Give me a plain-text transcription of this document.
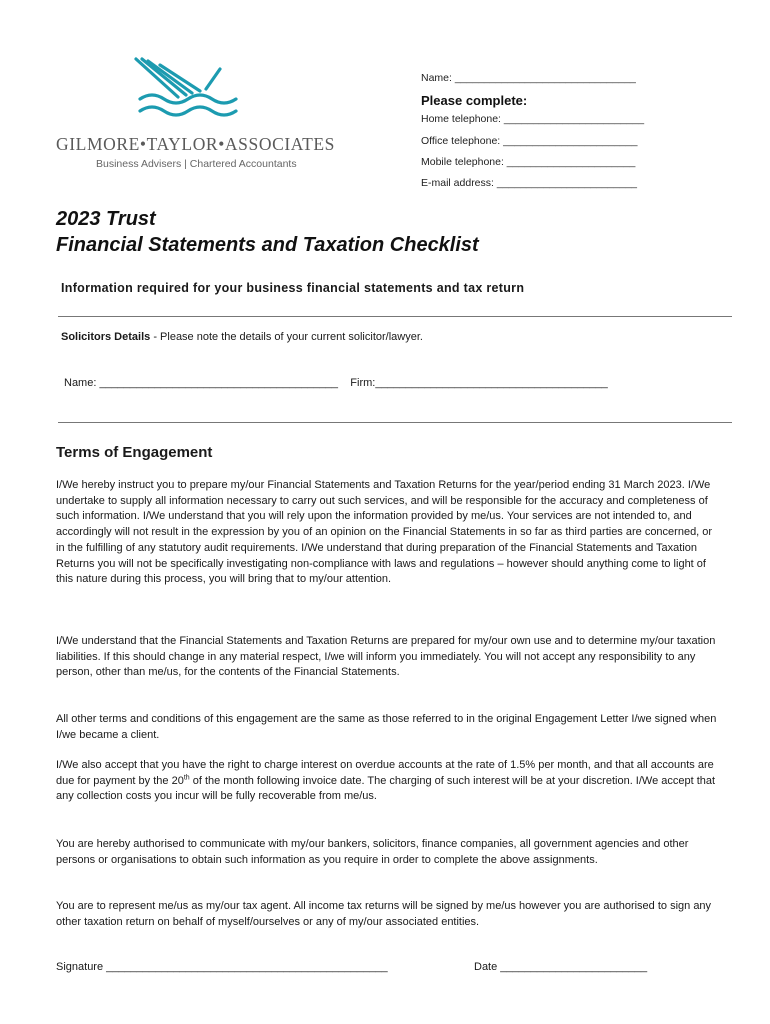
GILMORE•TAYLOR•ASSOCIATES
Business Advisers | Chartered Accountants
Name: _______________________________
Please complete:
Home telephone: ________________________
Office telephone: _______________________
Mobile telephone: ______________________
E-mail address: ________________________
2023 Trust
Financial Statements and Taxation Checklist
Information required for your business financial statements and tax return
Solicitors Details - Please note the details of your current solicitor/lawyer.
Name: _______________________________________ Firm:______________________________________
Terms of Engagement

I/We hereby instruct you to prepare my/our Financial Statements and Taxation Returns for the year/period ending 31 March 2023. I/We undertake to supply all information necessary to carry out such services, and will be responsible for the accuracy and completeness of such information. I/We understand that you will rely upon the information provided by me/us. Your services are not intended to, and accordingly will not result in the expression by you of an opinion on the Financial Statements in so far as third parties are concerned, or in the fulfilling of any statutory audit requirements. I/We understand that during preparation of the Financial Statements and Taxation Returns you will not be specifically investigating non-compliance with laws and regulations – however should anything come to light of this nature during this process, you will bring that to my/our attention.

I/We understand that the Financial Statements and Taxation Returns are prepared for my/our own use and to determine my/our taxation liabilities. If this should change in any material respect, I/we will inform you immediately. You will not accept any responsibility to any person, other than me/us, for the contents of the Financial Statements.

All other terms and conditions of this engagement are the same as those referred to in the original Engagement Letter I/we signed when I/we became a client.

I/We also accept that you have the right to charge interest on overdue accounts at the rate of 1.5% per month, and that all accounts are due for payment by the 20th of the month following invoice date. The charging of such interest will be at your discretion. I/We accept that any collection costs you incur will be fully recoverable from me/us.

You are hereby authorised to communicate with my/our bankers, solicitors, finance companies, all government agencies and other persons or organisations to obtain such information as you require in order to complete the above assignments.

You are to represent me/us as my/our tax agent. All income tax returns will be signed by me/us however you are authorised to sign any other taxation return on behalf of myself/ourselves or any of my/our associated entities.

Signature ______________________________________________	Date ________________________
